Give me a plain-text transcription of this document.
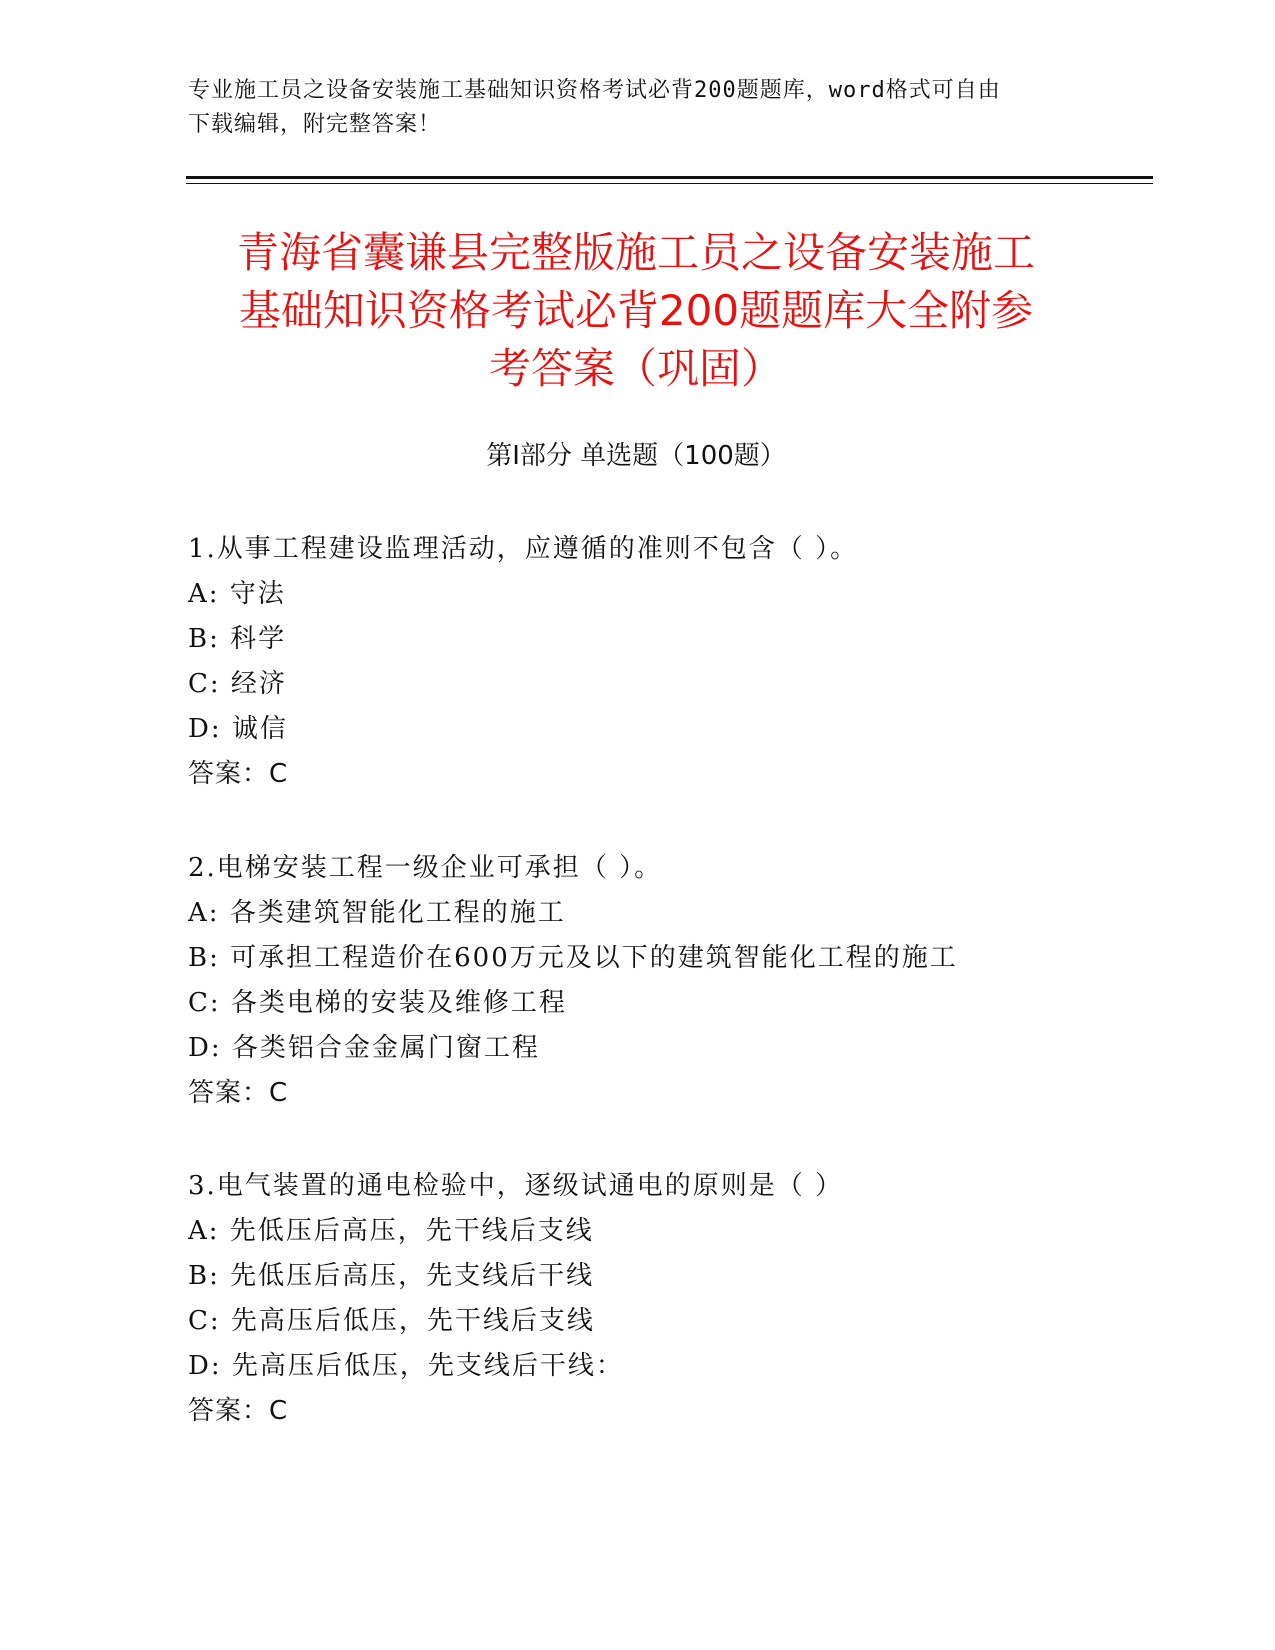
专业施工员之设备安装施工基础知识资格考试必背200题题库，word格式可自由
下载编辑，附完整答案！
青海省囊谦县完整版施工员之设备安装施工
基础知识资格考试必背200题题库大全附参
考答案（巩固）
第Ⅰ部分 单选题（100题）
1.从事工程建设监理活动，应遵循的准则不包含（ ）。
A: 守法
B: 科学
C: 经济
D: 诚信
答案：C
2.电梯安装工程一级企业可承担（ ）。
A: 各类建筑智能化工程的施工
B: 可承担工程造价在600万元及以下的建筑智能化工程的施工
C: 各类电梯的安装及维修工程
D: 各类铝合金金属门窗工程
答案：C
3.电气装置的通电检验中，逐级试通电的原则是（ ）
A: 先低压后高压，先干线后支线
B: 先低压后高压，先支线后干线
C: 先高压后低压，先干线后支线
D: 先高压后低压，先支线后干线：
答案：C
